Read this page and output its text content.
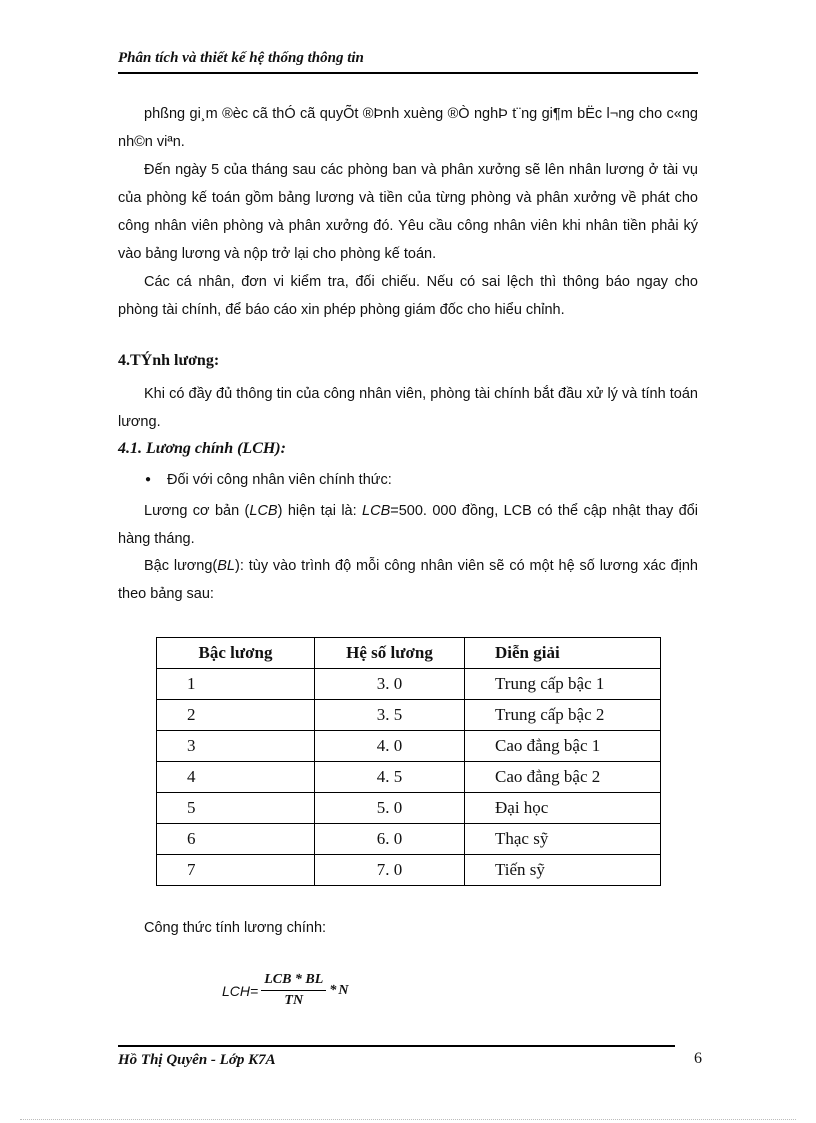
Phân tích và thiết kế hệ thống thông tin

phßng gi¸m ®èc cã thÓ cã quyÕt ®Þnh xuèng ®Ò nghÞ t¨ng gi¶m bËc l¬ng cho c«ng nh©n viªn.

Đến ngày 5 của tháng sau các phòng ban và phân xưởng sẽ lên nhân lương ở tài vụ của phòng kế toán gồm bảng lương và tiền của từng phòng và phân xưởng về phát cho công nhân viên phòng và phân xưởng đó. Yêu cầu công nhân viên khi nhân tiền phải ký vào bảng lương và nộp trở lại cho phòng kế toán.

Các cá nhân, đơn vi kiểm tra, đối chiếu. Nếu có sai lệch thì thông báo ngay cho phòng tài chính, để báo cáo xin phép phòng giám đốc cho hiểu chỉnh.

4.TÝnh lương:

Khi có đầy đủ thông tin của công nhân viên, phòng tài chính bắt đầu xử lý và tính toán lương.

4.1. Lương chính (LCH):
● Đối với công nhân viên chính thức:

Lương cơ bản (LCB) hiện tại là: LCB=500. 000 đồng, LCB có thể cập nhật thay đổi hàng tháng.

Bậc lương(BL): tùy vào trình độ mỗi công nhân viên sẽ có một hệ số lương xác định theo bảng sau:

Bậc lương	Hệ số lương	Diễn giải
1	3. 0	Trung cấp bậc 1
2	3. 5	Trung cấp bậc 2
3	4. 0	Cao đẳng bậc 1
4	4. 5	Cao đẳng bậc 2
5	5. 0	Đại học
6	6. 0	Thạc sỹ
7	7. 0	Tiến sỹ

Công thức tính lương chính:

$LCH= \frac{\text{LCB * BL}}{TN} * N$
Hồ Thị Quyên - Lớp K7A	6
